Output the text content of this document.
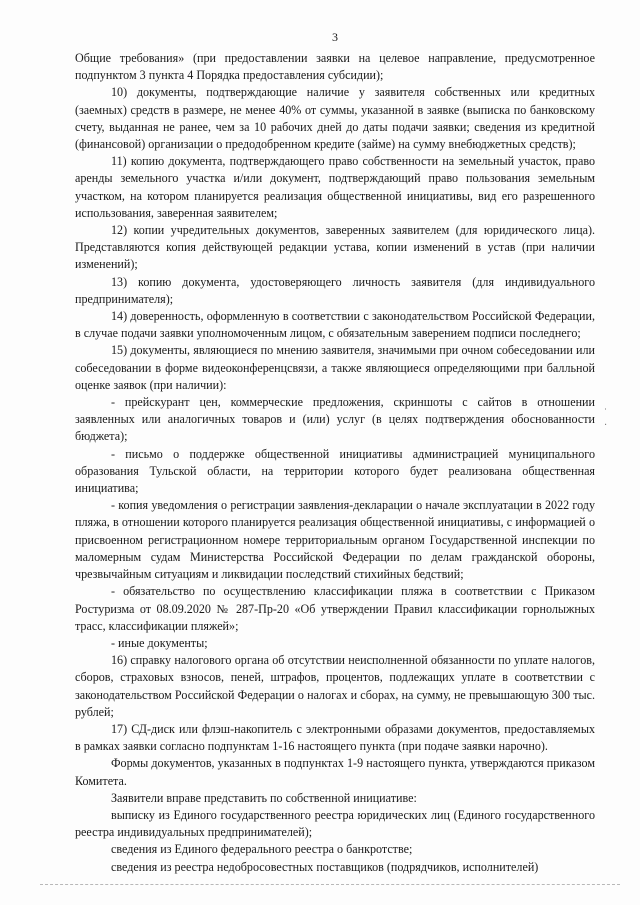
3

Общие требования» (при предоставлении заявки на целевое направление, предусмотренное подпунктом 3 пункта 4 Порядка предоставления субсидии);

10) документы, подтверждающие наличие у заявителя собственных или кредитных (заемных) средств в размере, не менее 40% от суммы, указанной в заявке (выписка по банковскому счету, выданная не ранее, чем за 10 рабочих дней до даты подачи заявки; сведения из кредитной (финансовой) организации о предодобренном кредите (займе) на сумму внебюджетных средств);

11) копию документа, подтверждающего право собственности на земельный участок, право аренды земельного участка и/или документ, подтверждающий право пользования земельным участком, на котором планируется реализация общественной инициативы, вид его разрешенного использования, заверенная заявителем;

12) копии учредительных документов, заверенных заявителем (для юридического лица). Представляются копия действующей редакции устава, копии изменений в устав (при наличии изменений);

13) копию документа, удостоверяющего личность заявителя (для индивидуального предпринимателя);

14) доверенность, оформленную в соответствии с законодательством Российской Федерации, в случае подачи заявки уполномоченным лицом, с обязательным заверением подписи последнего;

15) документы, являющиеся по мнению заявителя, значимыми при очном собеседовании или собеседовании в форме видеоконференцсвязи, а также являющиеся определяющими при балльной оценке заявок (при наличии):

- прейскурант цен, коммерческие предложения, скриншоты с сайтов в отношении заявленных или аналогичных товаров и (или) услуг (в целях подтверждения обоснованности бюджета);

- письмо о поддержке общественной инициативы администрацией муниципального образования Тульской области, на территории которого будет реализована общественная инициатива;

- копия уведомления о регистрации заявления-декларации о начале эксплуатации в 2022 году пляжа, в отношении которого планируется реализация общественной инициативы, с информацией о присвоенном регистрационном номере территориальным органом Государственной инспекции по маломерным судам Министерства Российской Федерации по делам гражданской обороны, чрезвычайным ситуациям и ликвидации последствий стихийных бедствий;

- обязательство по осуществлению классификации пляжа в соответствии с Приказом Ростуризма от 08.09.2020 № 287-Пр-20 «Об утверждении Правил классификации горнолыжных трасс, классификации пляжей»;

- иные документы;

16) справку налогового органа об отсутствии неисполненной обязанности по уплате налогов, сборов, страховых взносов, пеней, штрафов, процентов, подлежащих уплате в соответствии с законодательством Российской Федерации о налогах и сборах, на сумму, не превышающую 300 тыс. рублей;

17) СД-диск или флэш-накопитель с электронными образами документов, предоставляемых в рамках заявки согласно подпунктам 1-16 настоящего пункта (при подаче заявки нарочно).

Формы документов, указанных в подпунктах 1-9 настоящего пункта, утверждаются приказом Комитета.

Заявители вправе представить по собственной инициативе:

выписку из Единого государственного реестра юридических лиц (Единого государственного реестра индивидуальных предпринимателей);

сведения из Единого федерального реестра о банкротстве;

сведения из реестра недобросовестных поставщиков (подрядчиков, исполнителей)

˙
·
